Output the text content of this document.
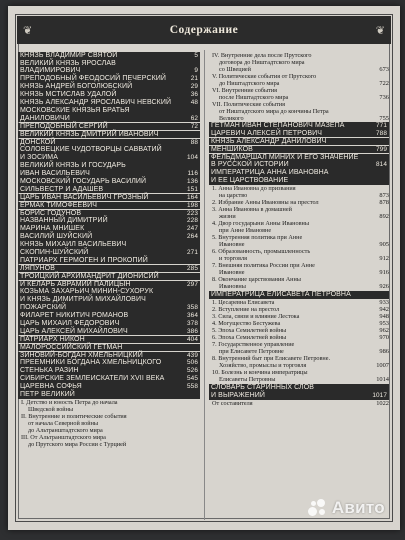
❦	Содержание	❦
КНЯЗЬ ВЛАДИМИР СВЯТОЙ	5
ВЕЛИКИЙ КНЯЗЬ ЯРОСЛАВ ВЛАДИМИРОВИЧ	9
ПРЕПОДОБНЫЙ ФЕОДОСИЙ ПЕЧЕРСКИЙ	21
КНЯЗЬ АНДРЕЙ БОГОЛЮБСКИЙ	29
КНЯЗЬ МСТИСЛАВ УДАЛОЙ	36
КНЯЗЬ АЛЕКСАНДР ЯРОСЛАВИЧ НЕВСКИЙ	48
МОСКОВСКИЕ КНЯЗЬЯ БРАТЬЯ
ДАНИЛОВИЧИ	62
ПРЕПОДОБНЫЙ СЕРГИЙ	72
ВЕЛИКИЙ КНЯЗЬ ДМИТРИЙ ИВАНОВИЧ
ДОНСКОЙ	88
СОЛОВЕЦКИЕ ЧУДОТВОРЦЫ САВВАТИЙ
И ЗОСИМА	104
ВЕЛИКИЙ КНЯЗЬ И ГОСУДАРЬ
ИВАН ВАСИЛЬЕВИЧ	116
МОСКОВСКИЙ ГОСУДАРЬ ВАСИЛИЙ	136
СИЛЬВЕСТР И АДАШЕВ	151
ЦАРЬ ИВАН ВАСИЛЬЕВИЧ ГРОЗНЫЙ	164
ЕРМАК ТИМОФЕЕВИЧ	198
БОРИС ГОДУНОВ	223
НАЗВАННЫЙ ДИМИТРИЙ	228
МАРИНА МНИШЕК	247
ВАСИЛИЙ ШУЙСКИЙ	264
КНЯЗЬ МИХАИЛ ВАСИЛЬЕВИЧ
СКОПИН-ШУЙСКИЙ	271
ПАТРИАРХ ГЕРМОГЕН И ПРОКОПИЙ
ЛЯПУНОВ	285
ТРОИЦКИЙ АРХИМАНДРИТ ДИОНИСИЙ
И КЕЛАРЬ АВРАМИЙ ПАЛИЦЫН	297
КОЗЬМА ЗАХАРЬИЧ МИНИН-СУХОРУК
И КНЯЗЬ ДИМИТРИЙ МИХАЙЛОВИЧ
ПОЖАРСКИЙ	358
ФИЛАРЕТ НИКИТИЧ РОМАНОВ	364
ЦАРЬ МИХАИЛ ФЕДОРОВИЧ	378
ЦАРЬ АЛЕКСЕЙ МИХАЙЛОВИЧ	386
ПАТРИАРХ НИКОН	404
МАЛОРОССИЙСКИЙ ГЕТМАН
ЗИНОВИЙ-БОГДАН ХМЕЛЬНИЦКИЙ	439
ПРЕЕМНИКИ БОГДАНА ХМЕЛЬНИЦКОГО	506
СТЕНЬКА РАЗИН	526
СИБИРСКИЕ ЗЕМЛЕИСКАТЕЛИ XVII ВЕКА	545
ЦАРЕВНА СОФЬЯ	558
ПЕТР ВЕЛИКИЙ
I. Детство и юность Петра до начала
Шведской войны
II. Внутренние и политические события
от начала Северной войны
до Альтранштадтского мира
III. От Альтранштадтского мира
до Прутского мира России с Турцией
IV. Внутренние дела после Прутского
договора до Ништадтского мира
со Швецией	673
V. Политические события от Прутского
до Ништадтского мира	722
VI. Внутренние события
после Ништадтского мира	736
VII. Политические события
от Ништадтского мира до кончины Петра
Великого	755
ГЕТМАН ИВАН СТЕПАНОВИЧ МАЗЕПА	771
ЦАРЕВИЧ АЛЕКСЕЙ ПЕТРОВИЧ	788
КНЯЗЬ АЛЕКСАНДР ДАНИЛОВИЧ
МЕНШИКОВ	799
ФЕЛЬДМАРШАЛ МИНИХ И ЕГО ЗНАЧЕНИЕ
В РУССКОЙ ИСТОРИИ	814
ИМПЕРАТРИЦА АННА ИВАНОВНА
И ЕЕ ЦАРСТВОВАНИЕ
1. Анна Ивановна до призвания
на царство	873
2. Избрание Анны Ивановны на престол	878
3. Анна Ивановна в домашней
жизни	892
4. Двор государыни Анны Ивановны
при Анне Ивановне
5. Внутренняя политика при Анне
Ивановне	905
6. Образованность, промышленность
и торговля	912
7. Внешняя политика России при Анне
Ивановне	916
8. Окончание царствования Анны
Ивановны	926
ИМПЕРАТРИЦА ЕЛИСАВЕТА ПЕТРОВНА
1. Цесаревна Елисавета	933
2. Вступление на престол	942
3. Сила, связи и влияние Лестока	948
4. Могущество Бестужева	953
5. Эпоха Семилетней войны	962
6. Эпоха Семилетней войны	970
7. Государственное управление
при Елисавете Петровне	986
8. Внутренний быт при Елисавете Петровне.
Хозяйство, промыслы и торговля	1007
10. Болезнь и кончина императрицы
Елисаветы Петровны	1014
СЛОВАРЬ СТАРИННЫХ СЛОВ
И ВЫРАЖЕНИЙ	1017
От составителя	1022
Авито
